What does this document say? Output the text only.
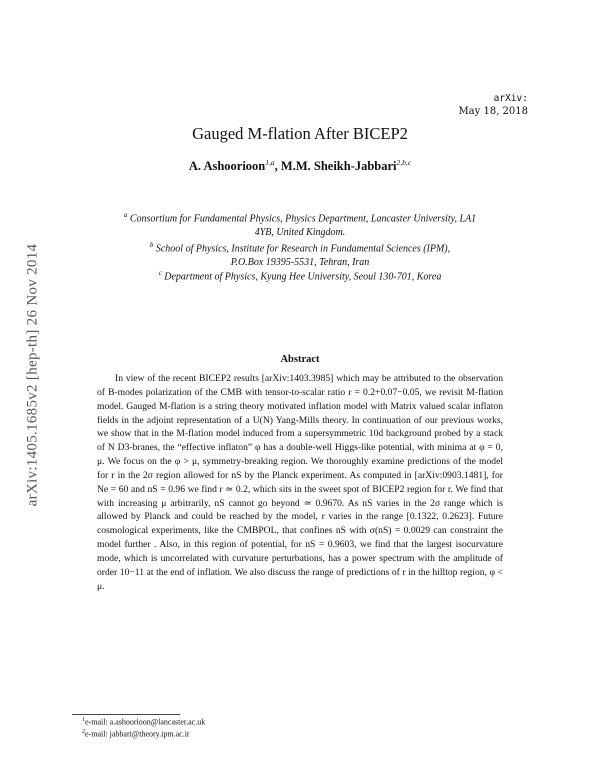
arXiv:1405.1685v2 [hep-th] 26 Nov 2014
arXiv:
May 18, 2018
Gauged M-flation After BICEP2
A. Ashoorioon$^{1,a}$, M.M. Sheikh-Jabbari$^{2,b,c}$
$^a$ Consortium for Fundamental Physics, Physics Department, Lancaster University, LA1
4YB, United Kingdom.
$^b$ School of Physics, Institute for Research in Fundamental Sciences (IPM),
P.O.Box 19395-5531, Tehran, Iran
$^c$ Department of Physics, Kyung Hee University, Seoul 130-701, Korea
Abstract
In view of the recent BICEP2 results [arXiv:1403.3985] which may be attributed to the observation of B-modes polarization of the CMB with tensor-to-scalar ratio r = 0.2+0.07−0.05, we revisit M-flation model. Gauged M-flation is a string theory motivated inflation model with Matrix valued scalar inflaton fields in the adjoint representation of a U(N) Yang-Mills theory. In continuation of our previous works, we show that in the M-flation model induced from a supersymmetric 10d background probed by a stack of N D3-branes, the “effective inflaton” φ has a double-well Higgs-like potential, with minima at φ = 0, μ. We focus on the φ > μ, symmetry-breaking region. We thoroughly examine predictions of the model for r in the 2σ region allowed for nS by the Planck experiment. As computed in [arXiv:0903.1481], for Ne = 60 and nS = 0.96 we find r ≃ 0.2, which sits in the sweet spot of BICEP2 region for r. We find that with increasing μ arbitrarily, nS cannot go beyond ≃ 0.9670. As nS varies in the 2σ range which is allowed by Planck and could be reached by the model, r varies in the range [0.1322, 0.2623]. Future cosmological experiments, like the CMBPOL, that confines nS with σ(nS) = 0.0029 can constraint the model further . Also, in this region of potential, for nS = 0.9603, we find that the largest isocurvature mode, which is uncorrelated with curvature perturbations, has a power spectrum with the amplitude of order 10−11 at the end of inflation. We also discuss the range of predictions of r in the hilltop region, φ < μ.
$^1$e-mail: a.ashoorioon@lancaster.ac.uk
$^2$e-mail: jabbari@theory.ipm.ac.ir
